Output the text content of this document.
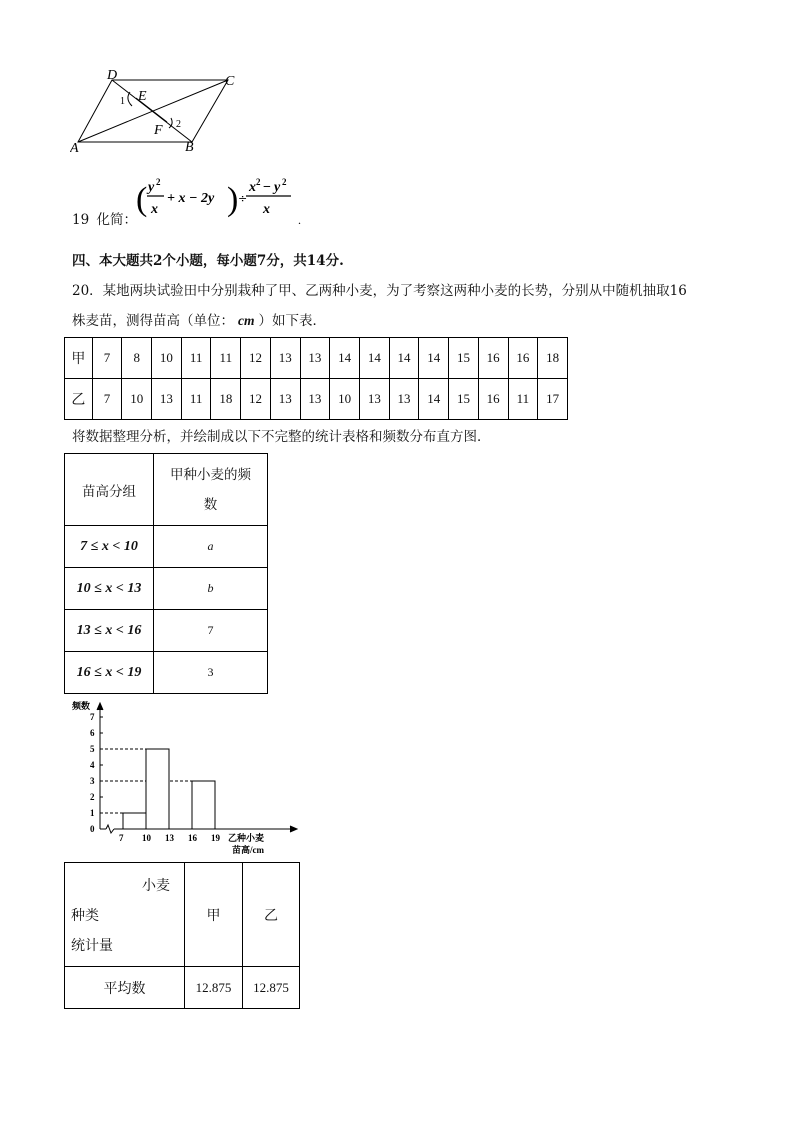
D	C
E
A
F
B
1
2
19 化简：
( y 2
x
+ x − 2y ) ÷
x 2 − y 2
x
.
四、本大题共2个小题，每小题7分，共14分.
20．某地两块试验田中分别栽种了甲、乙两种小麦，为了考察这两种小麦的长势，分别从中随机抽取16
株麦苗，测得苗高（单位： cm ）如下表．
甲	7	8	10	11	11	12	13	13	14	14	14	14	15	16	16	18
乙	7	10	13	11	18	12	13	13	10	13	13	14	15	16	11	17
将数据整理分析，并绘制成以下不完整的统计表格和频数分布直方图．
苗高分组	甲种小麦的频
数

7 ≤ x < 10	a
10 ≤ x < 13	b
13 ≤ x < 16	7
16 ≤ x < 19	3
0
1
2
3
4
5
6
7
频数
7 10 13 16 19 乙种小麦
苗高/cm
小麦
种类
统计量	甲	乙
平均数	12.875	12.875
